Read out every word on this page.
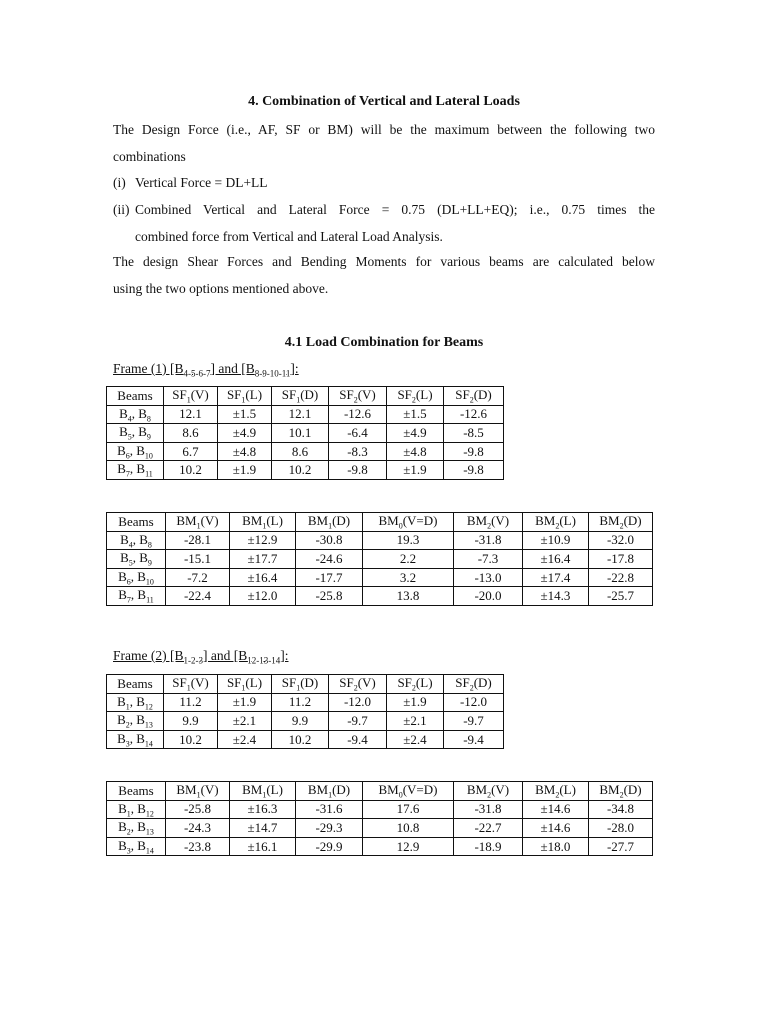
4. Combination of Vertical and Lateral Loads
The Design Force (i.e., AF, SF or BM) will be the maximum between the following two
combinations
(i) Vertical Force = DL+LL
(ii) Combined Vertical and Lateral Force = 0.75 (DL+LL+EQ); i.e., 0.75 times the
combined force from Vertical and Lateral Load Analysis.
The design Shear Forces and Bending Moments for various beams are calculated below
using the two options mentioned above.
4.1 Load Combination for Beams
Frame (1) $[B_{4-5-6-7}]$ and $[B_{8-9-10-11}]$:
Beams	$SF_1(V)$	$SF_1(L)$	$SF_1(D)$	$SF_2(V)$	$SF_2(L)$	$SF_2(D)$
$B_4$, $B_8$	12.1	±1.5	12.1	-12.6	±1.5	-12.6
$B_5$, $B_9$	8.6	±4.9	10.1	-6.4	±4.9	-8.5
$B_6$, $B_{10}$	6.7	±4.8	8.6	-8.3	±4.8	-9.8
$B_7$, $B_{11}$	10.2	±1.9	10.2	-9.8	±1.9	-9.8
Beams	$BM_1(V)$	$BM_1(L)$	$BM_1(D)$	$BM_0(V=D)$	$BM_2(V)$	$BM_2(L)$	$BM_2(D)$
$B_4$, $B_8$	-28.1	±12.9	-30.8	19.3	-31.8	±10.9	-32.0
$B_5$, $B_9$	-15.1	±17.7	-24.6	2.2	-7.3	±16.4	-17.8
$B_6$, $B_{10}$	-7.2	±16.4	-17.7	3.2	-13.0	±17.4	-22.8
$B_7$, $B_{11}$	-22.4	±12.0	-25.8	13.8	-20.0	±14.3	-25.7
Frame (2) $[B_{1-2-3}]$ and $[B_{12-13-14}]$:
Beams	$SF_1(V)$	$SF_1(L)$	$SF_1(D)$	$SF_2(V)$	$SF_2(L)$	$SF_2(D)$
$B_1$, $B_{12}$	11.2	±1.9	11.2	-12.0	±1.9	-12.0
$B_2$, $B_{13}$	9.9	±2.1	9.9	-9.7	±2.1	-9.7
$B_3$, $B_{14}$	10.2	±2.4	10.2	-9.4	±2.4	-9.4
Beams	$BM_1(V)$	$BM_1(L)$	$BM_1(D)$	$BM_0(V=D)$	$BM_2(V)$	$BM_2(L)$	$BM_2(D)$
$B_1$, $B_{12}$	-25.8	±16.3	-31.6	17.6	-31.8	±14.6	-34.8
$B_2$, $B_{13}$	-24.3	±14.7	-29.3	10.8	-22.7	±14.6	-28.0
$B_3$, $B_{14}$	-23.8	±16.1	-29.9	12.9	-18.9	±18.0	-27.7
